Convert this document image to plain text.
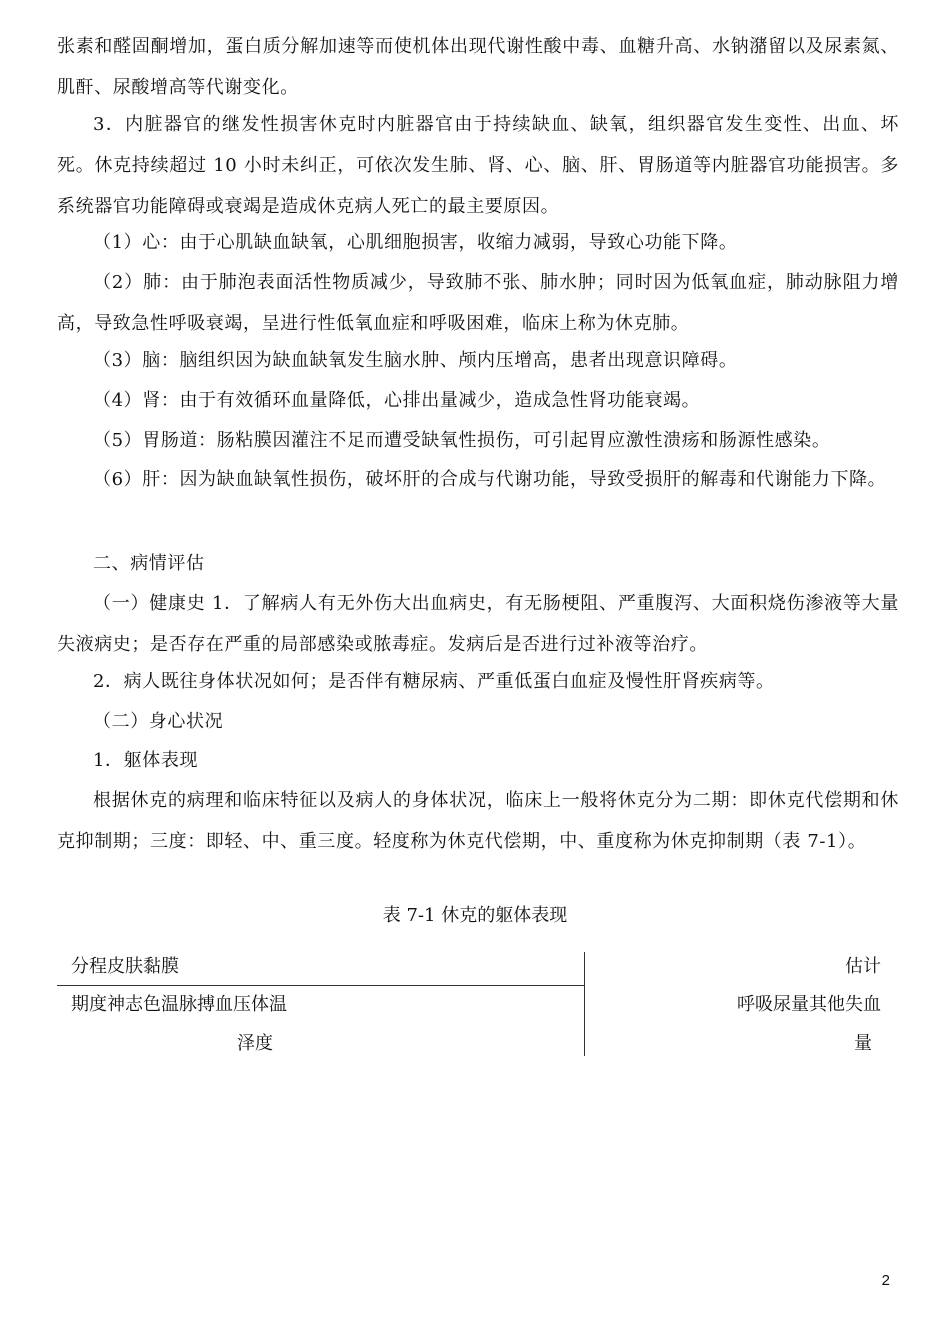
张素和醛固酮增加，蛋白质分解加速等而使机体出现代谢性酸中毒、血糖升高、水钠潴留以及尿素氮、肌酐、尿酸增高等代谢变化。

3．内脏器官的继发性损害休克时内脏器官由于持续缺血、缺氧，组织器官发生变性、出血、坏死。休克持续超过 10 小时未纠正，可依次发生肺、肾、心、脑、肝、胃肠道等内脏器官功能损害。多系统器官功能障碍或衰竭是造成休克病人死亡的最主要原因。

（1）心：由于心肌缺血缺氧，心肌细胞损害，收缩力减弱，导致心功能下降。

（2）肺：由于肺泡表面活性物质减少，导致肺不张、肺水肿；同时因为低氧血症，肺动脉阻力增高，导致急性呼吸衰竭，呈进行性低氧血症和呼吸困难，临床上称为休克肺。

（3）脑：脑组织因为缺血缺氧发生脑水肿、颅内压增高，患者出现意识障碍。

（4）肾：由于有效循环血量降低，心排出量减少，造成急性肾功能衰竭。

（5）胃肠道：肠粘膜因灌注不足而遭受缺氧性损伤，可引起胃应激性溃疡和肠源性感染。

（6）肝：因为缺血缺氧性损伤，破坏肝的合成与代谢功能，导致受损肝的解毒和代谢能力下降。

二、病情评估

（一）健康史 1．了解病人有无外伤大出血病史，有无肠梗阻、严重腹泻、大面积烧伤渗液等大量失液病史；是否存在严重的局部感染或脓毒症。发病后是否进行过补液等治疗。

2．病人既往身体状况如何；是否伴有糖尿病、严重低蛋白血症及慢性肝肾疾病等。

（二）身心状况

1．躯体表现

根据休克的病理和临床特征以及病人的身体状况，临床上一般将休克分为二期：即休克代偿期和休克抑制期；三度：即轻、中、重三度。轻度称为休克代偿期，中、重度称为休克抑制期（表 7-1）。

表 7-1 休克的躯体表现

分程皮肤黏膜	估计
期度神志色温脉搏血压体温	呼吸尿量其他失血
泽度	量
2
